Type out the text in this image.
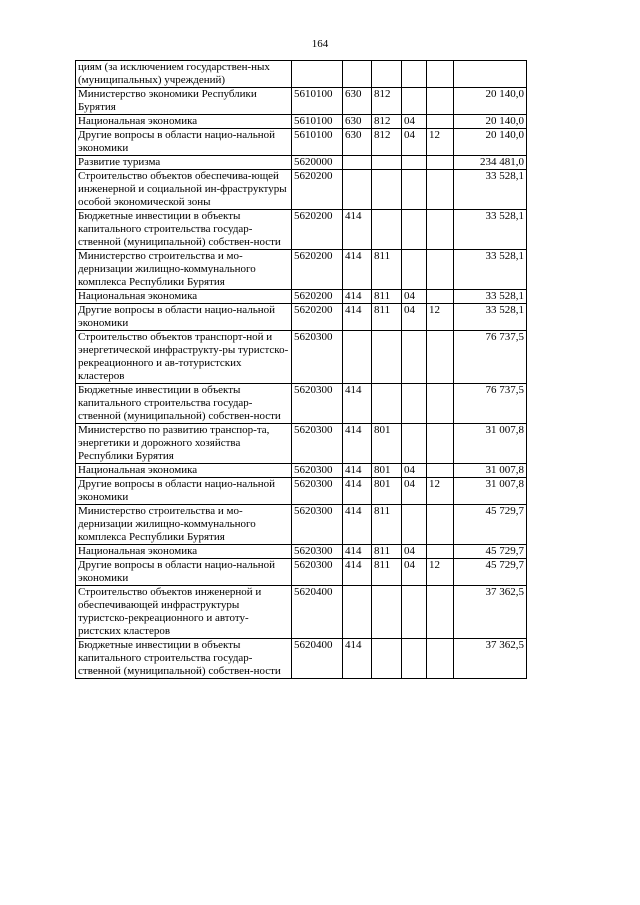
164
циям (за исключением государствен-ных (муниципальных) учреждений)						
Министерство экономики Республики Бурятия	5610100	630	812			20 140,0
Национальная экономика	5610100	630	812	04		20 140,0
Другие вопросы в области нацио-нальной экономики	5610100	630	812	04	12	20 140,0
Развитие туризма	5620000					234 481,0
Строительство объектов обеспечива-ющей инженерной и социальной ин-фраструктуры особой экономической зоны	5620200					33 528,1
Бюджетные инвестиции в объекты капитального строительства государ-ственной (муниципальной) собствен-ности	5620200	414				33 528,1
Министерство строительства и мо-дернизации жилищно-коммунального комплекса Республики Бурятия	5620200	414	811			33 528,1
Национальная экономика	5620200	414	811	04		33 528,1
Другие вопросы в области нацио-нальной экономики	5620200	414	811	04	12	33 528,1
Строительство объектов транспорт-ной и энергетической инфраструкту-ры туристско-рекреационного и ав-тотуристских кластеров	5620300					76 737,5
Бюджетные инвестиции в объекты капитального строительства государ-ственной (муниципальной) собствен-ности	5620300	414				76 737,5
Министерство по развитию транспор-та, энергетики и дорожного хозяйства Республики Бурятия	5620300	414	801			31 007,8
Национальная экономика	5620300	414	801	04		31 007,8
Другие вопросы в области нацио-нальной экономики	5620300	414	801	04	12	31 007,8
Министерство строительства и мо-дернизации жилищно-коммунального комплекса Республики Бурятия	5620300	414	811			45 729,7
Национальная экономика	5620300	414	811	04		45 729,7
Другие вопросы в области нацио-нальной экономики	5620300	414	811	04	12	45 729,7
Строительство объектов инженерной и обеспечивающей инфраструктуры туристско-рекреационного и автоту-ристских кластеров	5620400					37 362,5
Бюджетные инвестиции в объекты капитального строительства государ-ственной (муниципальной) собствен-ности	5620400	414				37 362,5
